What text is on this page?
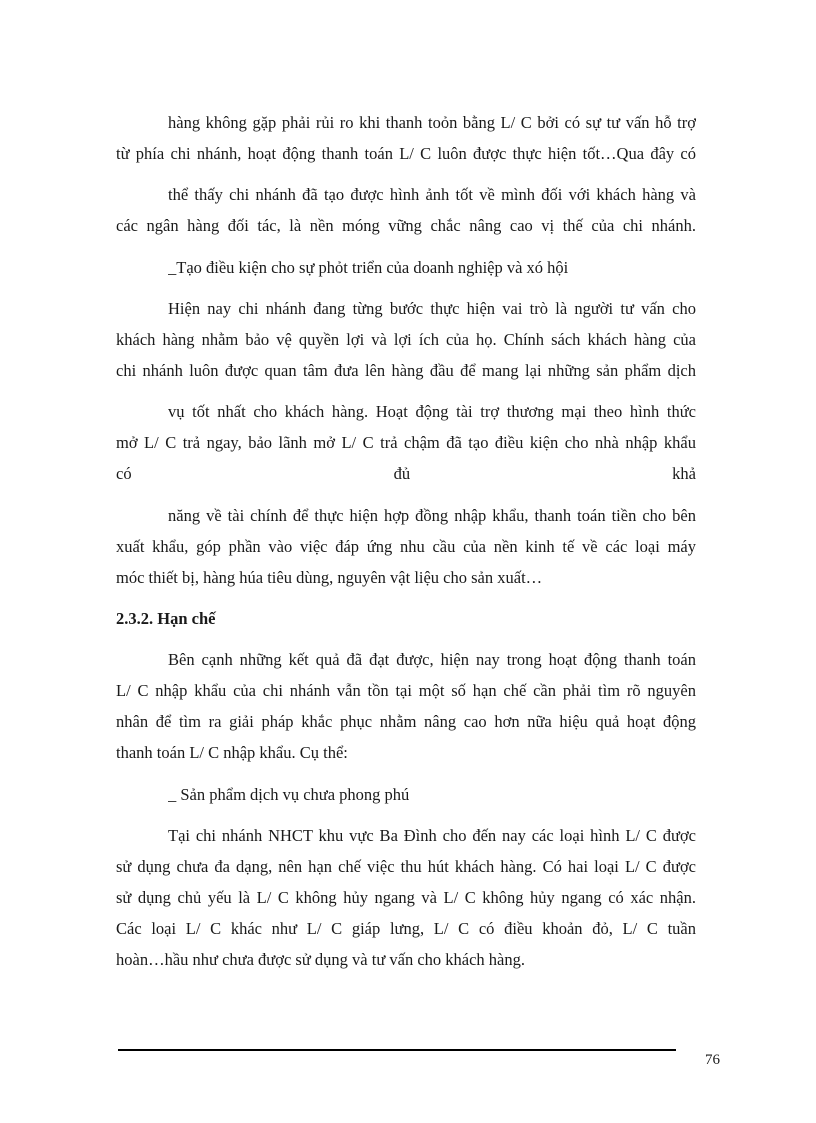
hàng không gặp phải rủi ro khi thanh toỏn bằng L/ C bởi có sự tư vấn hỗ trợ
từ phía chi nhánh, hoạt động thanh toán L/ C luôn được thực hiện tốt…Qua đây có
thể thấy chi nhánh đã tạo được hình ảnh tốt về mình đối với khách hàng và
các ngân hàng đối tác, là nền móng vững chắc nâng cao vị thế của chi nhánh.
_Tạo điều kiện cho sự phỏt triển của doanh nghiệp và xó hội
Hiện nay chi nhánh đang từng bước thực hiện vai trò là người tư vấn cho
khách hàng nhằm bảo vệ quyền lợi và lợi ích của họ. Chính sách khách hàng của
chi nhánh luôn được quan tâm đưa lên hàng đầu để mang lại những sản phẩm dịch
vụ tốt nhất cho khách hàng. Hoạt động tài trợ thương mại theo hình thức
mở L/ C trả ngay, bảo lãnh mở L/ C trả chậm đã tạo điều kiện cho nhà nhập khẩu
có	đủ	khả
năng về tài chính để thực hiện hợp đồng nhập khẩu, thanh toán tiền cho bên
xuất khẩu, góp phần vào việc đáp ứng nhu cầu của nền kinh tế về các loại máy
móc thiết bị, hàng húa tiêu dùng, nguyên vật liệu cho sản xuất…
2.3.2. Hạn chế
Bên cạnh những kết quả đã đạt được, hiện nay trong hoạt động thanh toán
L/ C nhập khẩu của chi nhánh vẫn tồn tại một số hạn chế cần phải tìm rõ nguyên
nhân để tìm ra giải pháp khắc phục nhằm nâng cao hơn nữa hiệu quả hoạt động
thanh toán L/ C nhập khẩu. Cụ thể:
_ Sản phẩm dịch vụ chưa phong phú
Tại chi nhánh NHCT khu vực Ba Đình cho đến nay các loại hình L/ C được
sử dụng chưa đa dạng, nên hạn chế việc thu hút khách hàng. Có hai loại L/ C được
sử dụng chủ yếu là L/ C không hủy ngang và L/ C không hủy ngang có xác nhận.
Các loại L/ C khác như L/ C giáp lưng, L/ C có điều khoản đỏ, L/ C tuần
hoàn…hầu như chưa được sử dụng và tư vấn cho khách hàng.
76
